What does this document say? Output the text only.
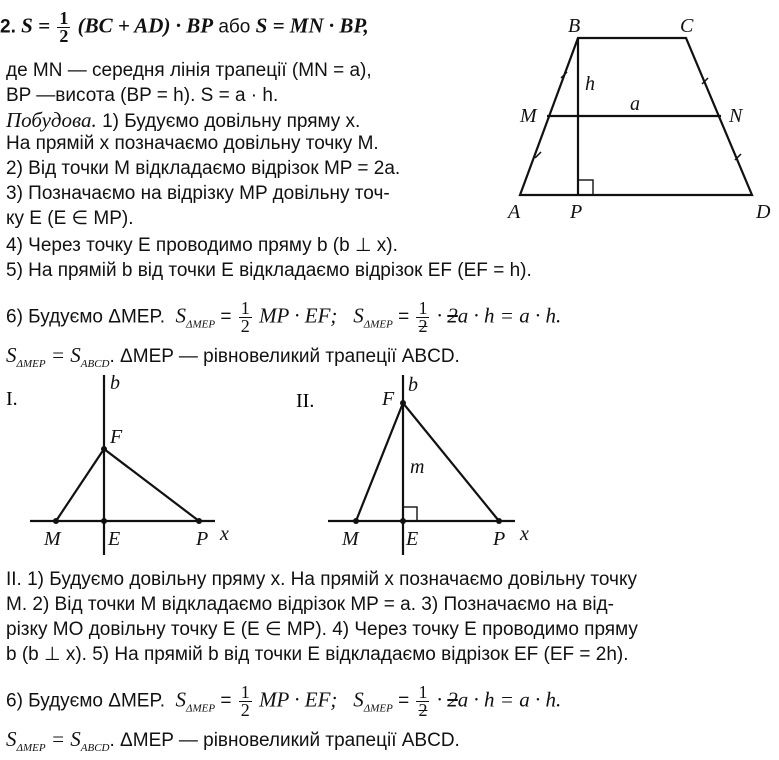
2. $S = \frac{1}{2} (BC + AD)$ · BP або S = MN · BP,
де MN — середня лінія трапеції (MN = a),
BP —висота (BP = h). S = a · h.
Побудова. 1) Будуємо довільну пряму x.
На прямій x позначаємо довільну точку M.
2) Від точки M відкладаємо відрізок MP = 2a.
3) Позначаємо на відрізку MP довільну точ-
ку E (E ∈ MP).
4) Через точку E проводимо пряму b (b ⊥ x).
5) На прямій b від точки E відкладаємо відрізок EF (EF = h).
6) Будуємо ΔMEP. $S_{\Delta MEP} = \frac{1}{2}$ MP · EF; $S_{\Delta MEP} = \frac{1}{2} \cdot 2a \cdot h = a \cdot h$.
$S_{\Delta MEP} = S_{ABCD}$. ΔMEP — рівновеликий трапеції ABCD.
B	C
M	N
A P	D
h
a
I.
b
F
M E	P x
II.
b
F
m
M E	P x
II. 1) Будуємо довільну пряму x. На прямій x позначаємо довільну точку
M. 2) Від точки M відкладаємо відрізок MP = a. 3) Позначаємо на від-
різку MO довільну точку E (E ∈ MP). 4) Через точку E проводимо пряму
b (b ⊥ x). 5) На прямій b від точки E відкладаємо відрізок EF (EF = 2h).
6) Будуємо ΔMEP. $S_{\Delta MEP} = \frac{1}{2}$ MP · EF; $S_{\Delta MEP} = \frac{1}{2} \cdot 2a \cdot h = a \cdot h$.
$S_{\Delta MEP} = S_{ABCD}$. ΔMEP — рівновеликий трапеції ABCD.
